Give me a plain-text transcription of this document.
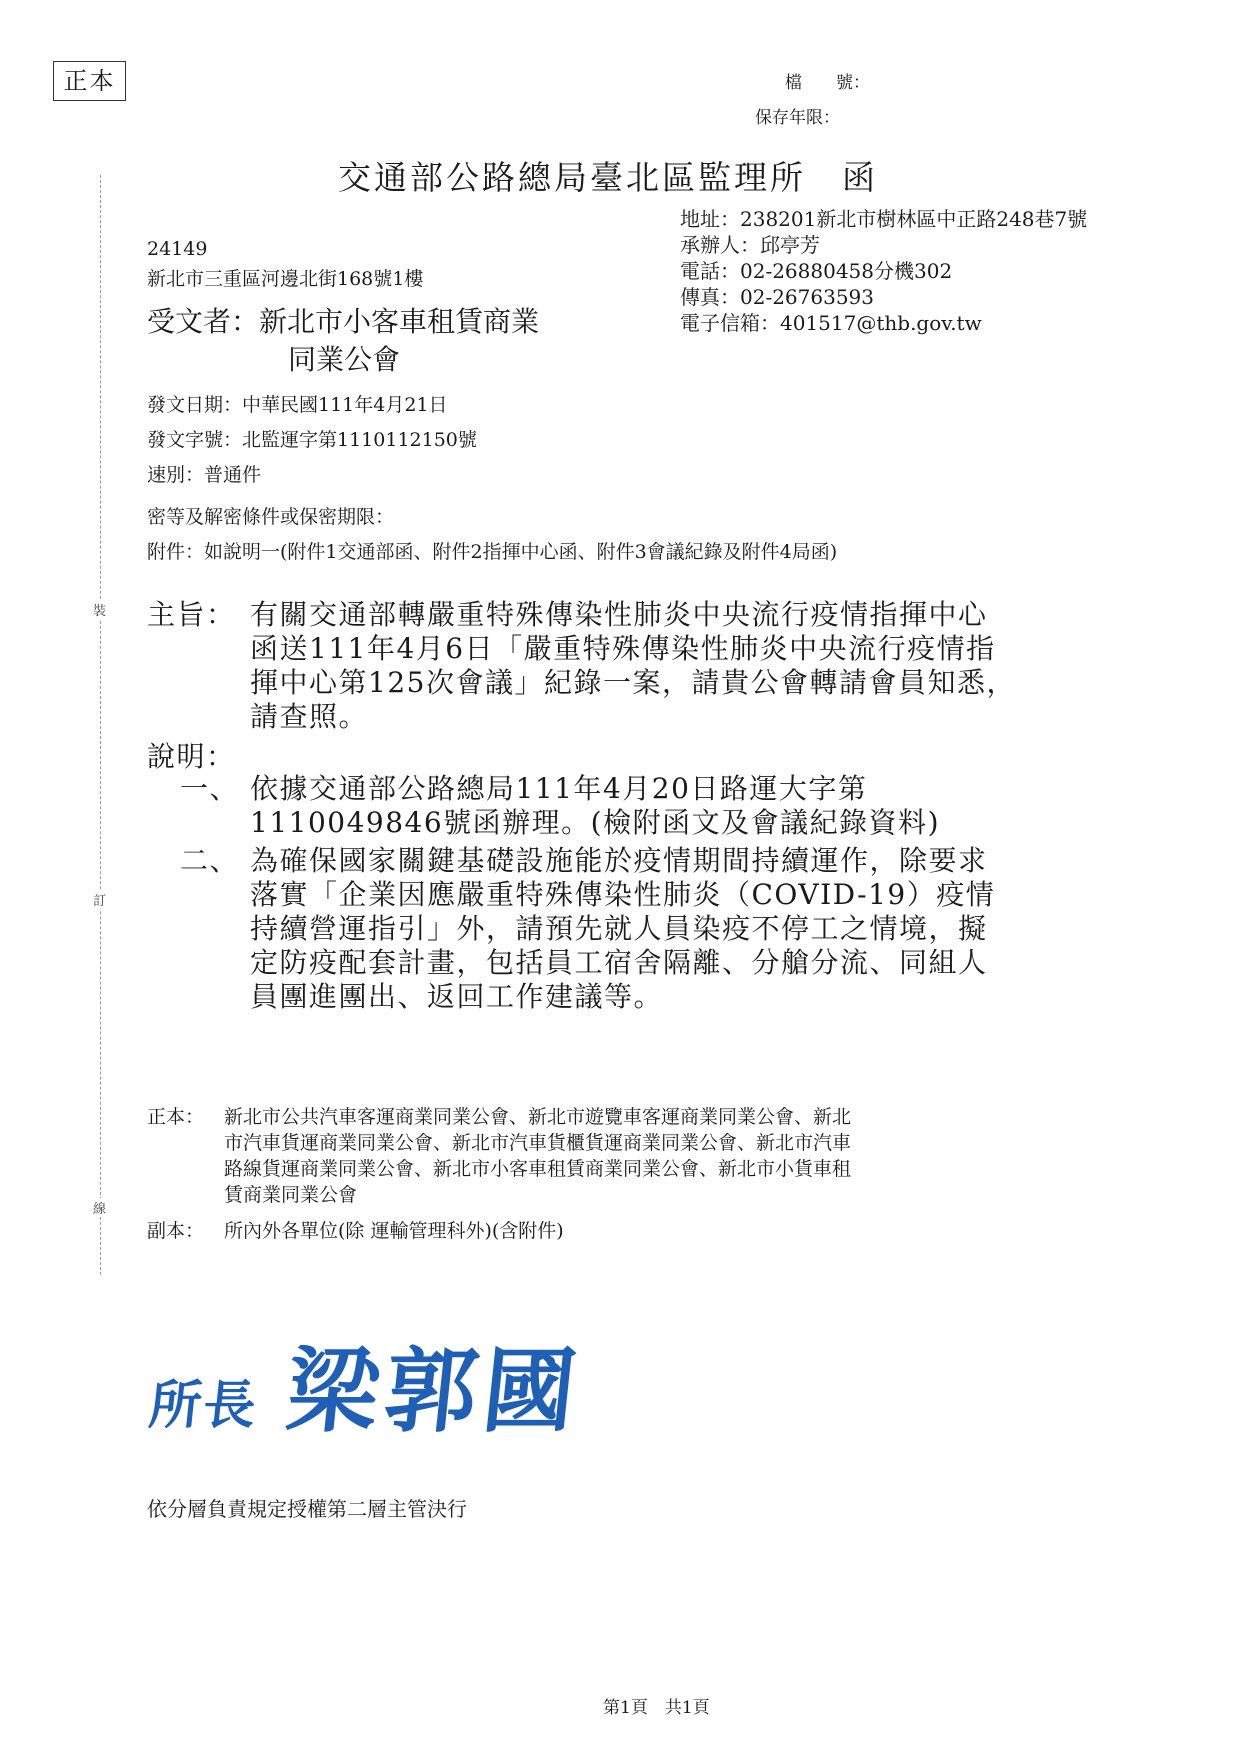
正本	檔　　號：
保存年限：
交通部公路總局臺北區監理所　函
裝
訂
線
地址：238201新北市樹林區中正路248巷7號
承辦人：邱亭芳
電話：02-26880458分機302
傳真：02-26763593
電子信箱：401517@thb.gov.tw
24149
新北市三重區河邊北街168號1樓
受文者：新北市小客車租賃商業
同業公會
發文日期：中華民國111年4月21日
發文字號：北監運字第1110112150號
速別：普通件
密等及解密條件或保密期限：
附件：如說明一(附件1交通部函、附件2指揮中心函、附件3會議紀錄及附件4局函)
主旨： 有關交通部轉嚴重特殊傳染性肺炎中央流行疫情指揮中心
函送111年4月6日「嚴重特殊傳染性肺炎中央流行疫情指
揮中心第125次會議」紀錄一案，請貴公會轉請會員知悉，
請查照。
說明：
一、 依據交通部公路總局111年4月20日路運大字第
1110049846號函辦理。(檢附函文及會議紀錄資料)
二、 為確保國家關鍵基礎設施能於疫情期間持續運作，除要求
落實「企業因應嚴重特殊傳染性肺炎（COVID-19）疫情
持續營運指引」外，請預先就人員染疫不停工之情境，擬
定防疫配套計畫，包括員工宿舍隔離、分艙分流、同組人
員團進團出、返回工作建議等。
正本： 新北市公共汽車客運商業同業公會、新北市遊覽車客運商業同業公會、新北
市汽車貨運商業同業公會、新北市汽車貨櫃貨運商業同業公會、新北市汽車
路線貨運商業同業公會、新北市小客車租賃商業同業公會、新北市小貨車租
賃商業同業公會
副本： 所內外各單位(除 運輸管理科外)(含附件)
所長 梁郭國
依分層負責規定授權第二層主管決行
第1頁　共1頁
